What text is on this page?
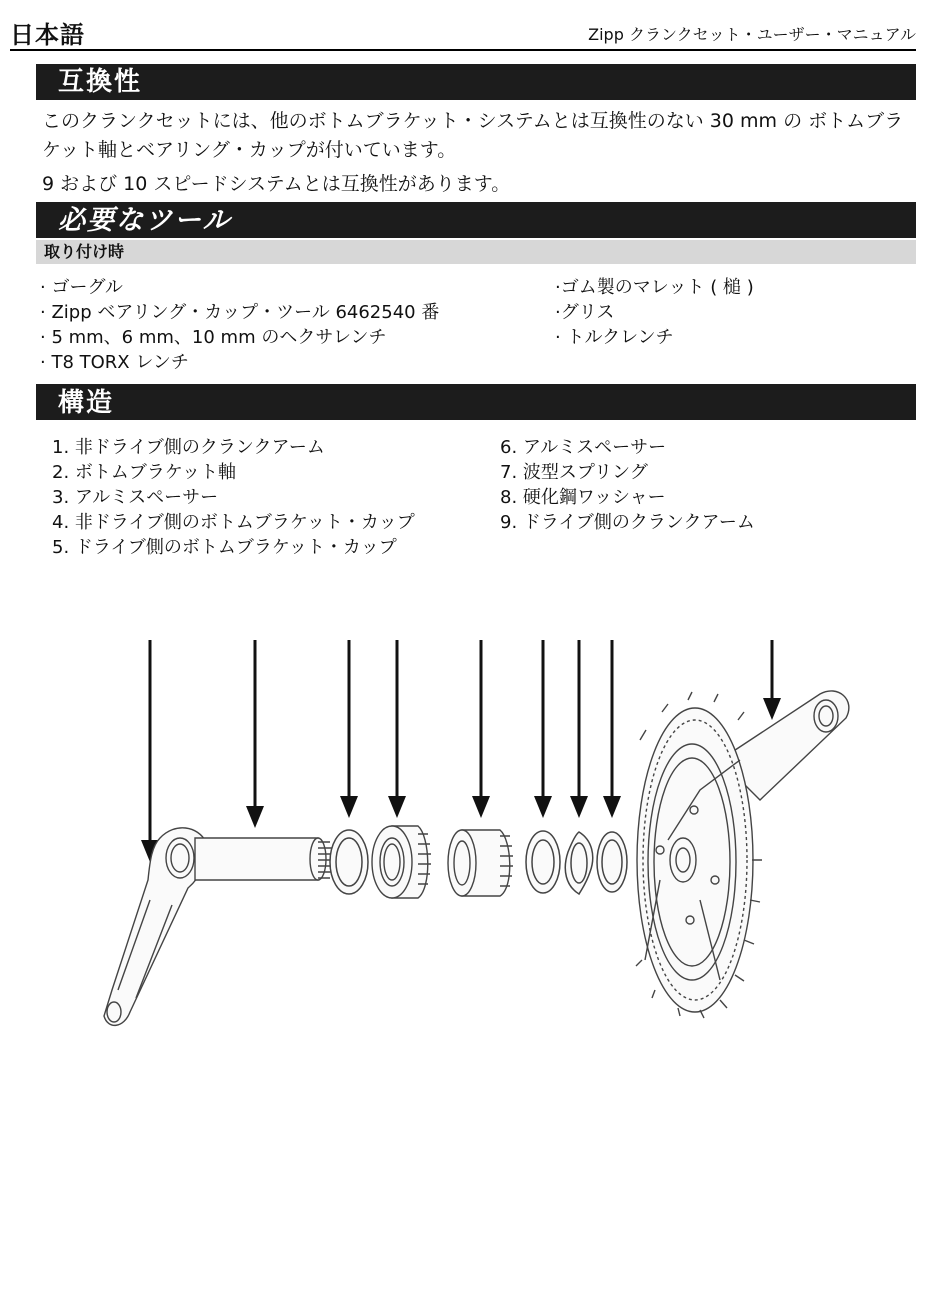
日本語	Zipp クランクセット・ユーザー・マニュアル
互換性
このクランクセットには、他のボトムブラケット・システムとは互換性のない 30 mm の ボトムブラケット軸とベアリング・カップが付いています。
9 および 10 スピードシステムとは互換性があります。
必要なツール
取り付け時
· ゴーグル
· Zipp ベアリング・カップ・ツール 6462540 番
· 5 mm、6 mm、10 mm のヘクサレンチ
· T8 TORX レンチ
·ゴム製のマレット ( 槌 )
·グリス
· トルクレンチ
構造
1. 非ドライブ側のクランクアーム
2. ボトムブラケット軸
3. アルミスペーサー
4. 非ドライブ側のボトムブラケット・カップ
5. ドライブ側のボトムブラケット・カップ
6. アルミスペーサー
7. 波型スプリング
8. 硬化鋼ワッシャー
9. ドライブ側のクランクアーム
